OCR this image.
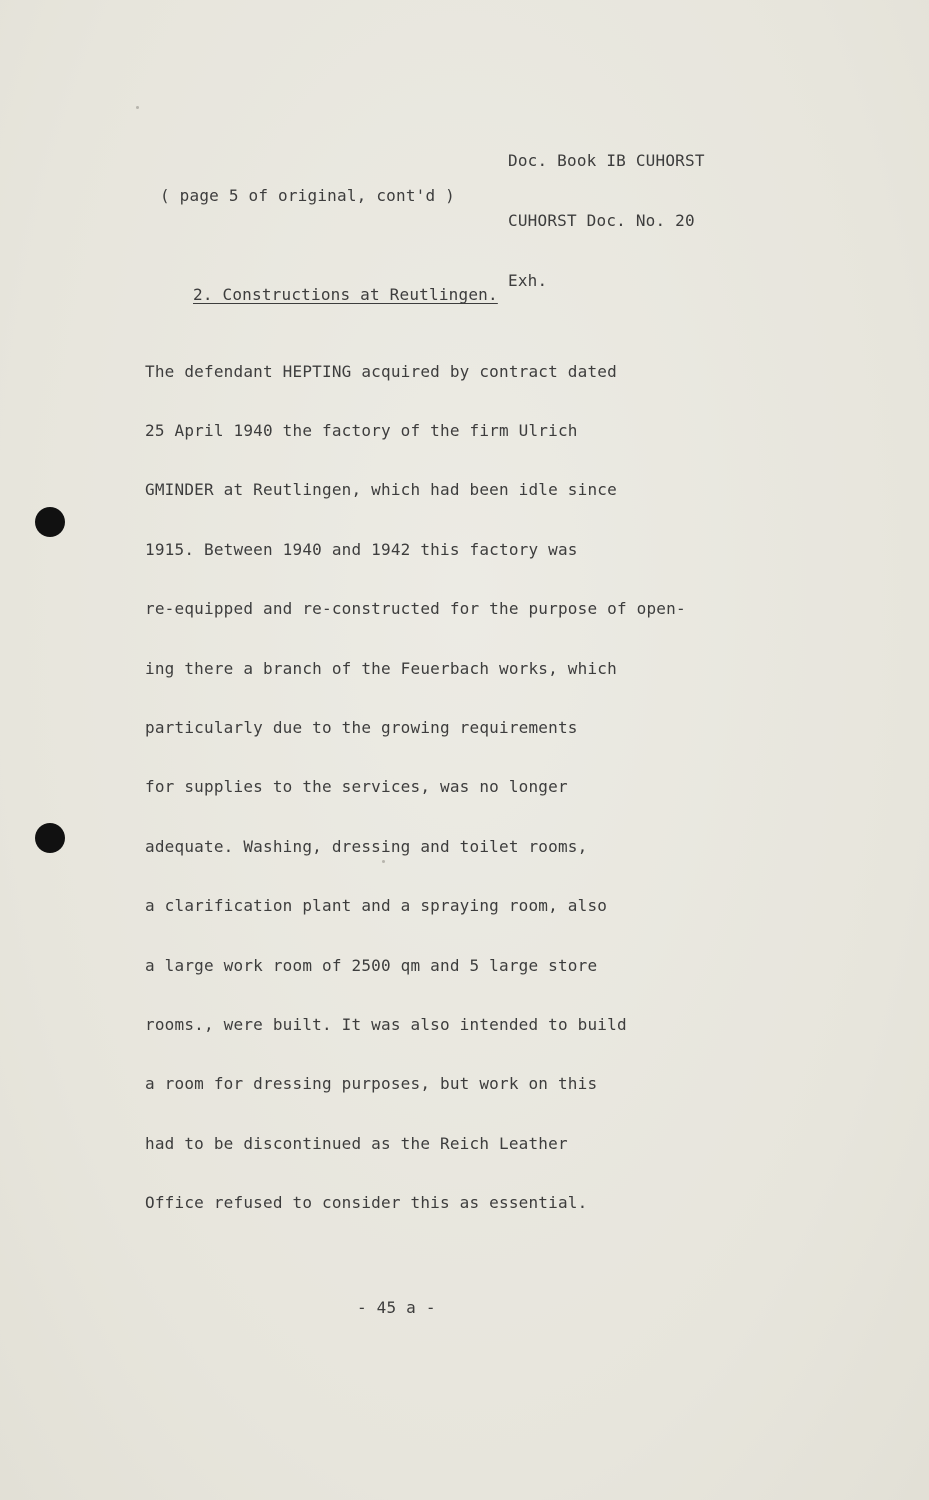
Doc. Book IB CUHORST

CUHORST Doc. No. 20

Exh.

( page 5 of original, cont'd )
2. Constructions at Reutlingen.

The defendant HEPTING acquired by contract dated

25 April 1940 the factory of the firm Ulrich

GMINDER at Reutlingen, which had been idle since

1915. Between 1940 and 1942 this factory was

re-equipped and re-constructed for the purpose of open-

ing there a branch of the Feuerbach works, which

particularly due to the growing requirements

for supplies to the services, was no longer

adequate. Washing, dressing and toilet rooms,

a clarification plant and a spraying room, also

a large work room of 2500 qm and 5 large store

rooms., were built. It was also intended to build

a room for dressing purposes, but work on this

had to be discontinued as the Reich Leather

Office refused to consider this as essential.

- 45 a -
